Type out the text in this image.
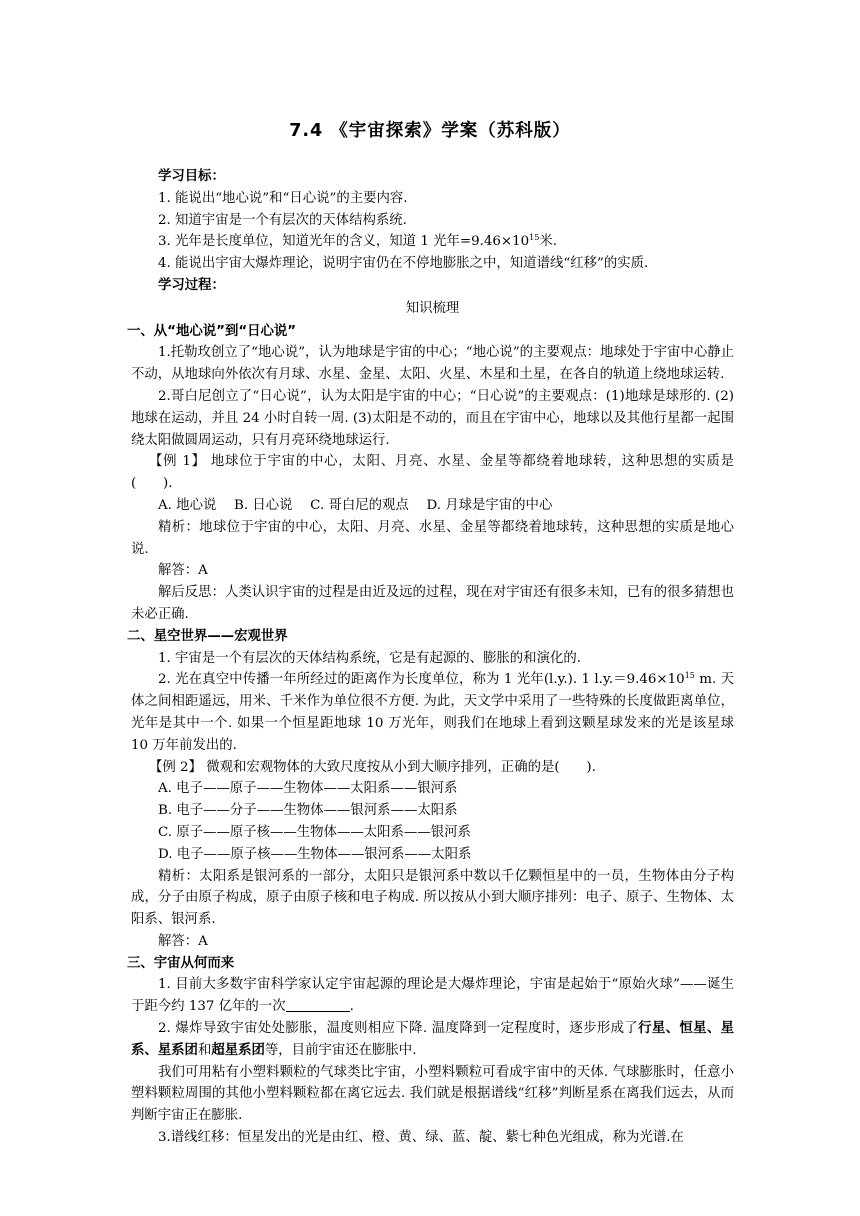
7.4 《宇宙探索》学案（苏科版）

学习目标：

1. 能说出“地心说”和“日心说”的主要内容.

2. 知道宇宙是一个有层次的天体结构系统.

3. 光年是长度单位，知道光年的含义，知道 1 光年$=9.46\times 10^{15}$米.

4. 能说出宇宙大爆炸理论，说明宇宙仍在不停地膨胀之中，知道谱线“红移”的实质.

学习过程：

知识梳理

一、从“地心说”到“日心说”

1.托勒玫创立了“地心说”，认为地球是宇宙的中心；“地心说”的主要观点：地球处于宇宙中心静止不动，从地球向外依次有月球、水星、金星、太阳、火星、木星和土星，在各自的轨道上绕地球运转.

2.哥白尼创立了“日心说”，认为太阳是宇宙的中心；“日心说”的主要观点：(1)地球是球形的. (2)地球在运动，并且 24 小时自转一周. (3)太阳是不动的，而且在宇宙中心，地球以及其他行星都一起围绕太阳做圆周运动，只有月亮环绕地球运行.

【例 1】 地球位于宇宙的中心，太阳、月亮、水星、金星等都绕着地球转，这种思想的实质是(　　).

A. 地心说　 B. 日心说　 C. 哥白尼的观点　 D. 月球是宇宙的中心

精析：地球位于宇宙的中心，太阳、月亮、水星、金星等都绕着地球转，这种思想的实质是地心说.

解答：A

解后反思：人类认识宇宙的过程是由近及远的过程，现在对宇宙还有很多未知，已有的很多猜想也未必正确.

二、星空世界——宏观世界

1. 宇宙是一个有层次的天体结构系统，它是有起源的、膨胀的和演化的.

2. 光在真空中传播一年所经过的距离作为长度单位，称为 1 光年(l.y.). 1 $l.y.=9.46\times 10^{15}$ m. 天体之间相距遥远，用米、千米作为单位很不方便. 为此，天文学中采用了一些特殊的长度做距离单位，光年是其中一个. 如果一个恒星距地球 10 万光年，则我们在地球上看到这颗星球发来的光是该星球 10 万年前发出的.

【例 2】 微观和宏观物体的大致尺度按从小到大顺序排列，正确的是(　　).

A. 电子——原子——生物体——太阳系——银河系

B. 电子——分子——生物体——银河系——太阳系

C. 原子——原子核——生物体——太阳系——银河系

D. 电子——原子核——生物体——银河系——太阳系

精析：太阳系是银河系的一部分，太阳只是银河系中数以千亿颗恒星中的一员，生物体由分子构成，分子由原子构成，原子由原子核和电子构成. 所以按从小到大顺序排列：电子、原子、生物体、太阳系、银河系.

解答：A

三、宇宙从何而来

1. 目前大多数宇宙科学家认定宇宙起源的理论是大爆炸理论，宇宙是起始于“原始火球”——诞生于距今约 137 亿年的一次	.

2. 爆炸导致宇宙处处膨胀，温度则相应下降. 温度降到一定程度时，逐步形成了行星、恒星、星系、星系团和超星系团等，目前宇宙还在膨胀中.

我们可用粘有小塑料颗粒的气球类比宇宙，小塑料颗粒可看成宇宙中的天体. 气球膨胀时，任意小塑料颗粒周围的其他小塑料颗粒都在离它远去. 我们就是根据谱线“红移”判断星系在离我们远去，从而判断宇宙正在膨胀.

3.谱线红移：恒星发出的光是由红、橙、黄、绿、蓝、靛、紫七种色光组成，称为光谱.在
